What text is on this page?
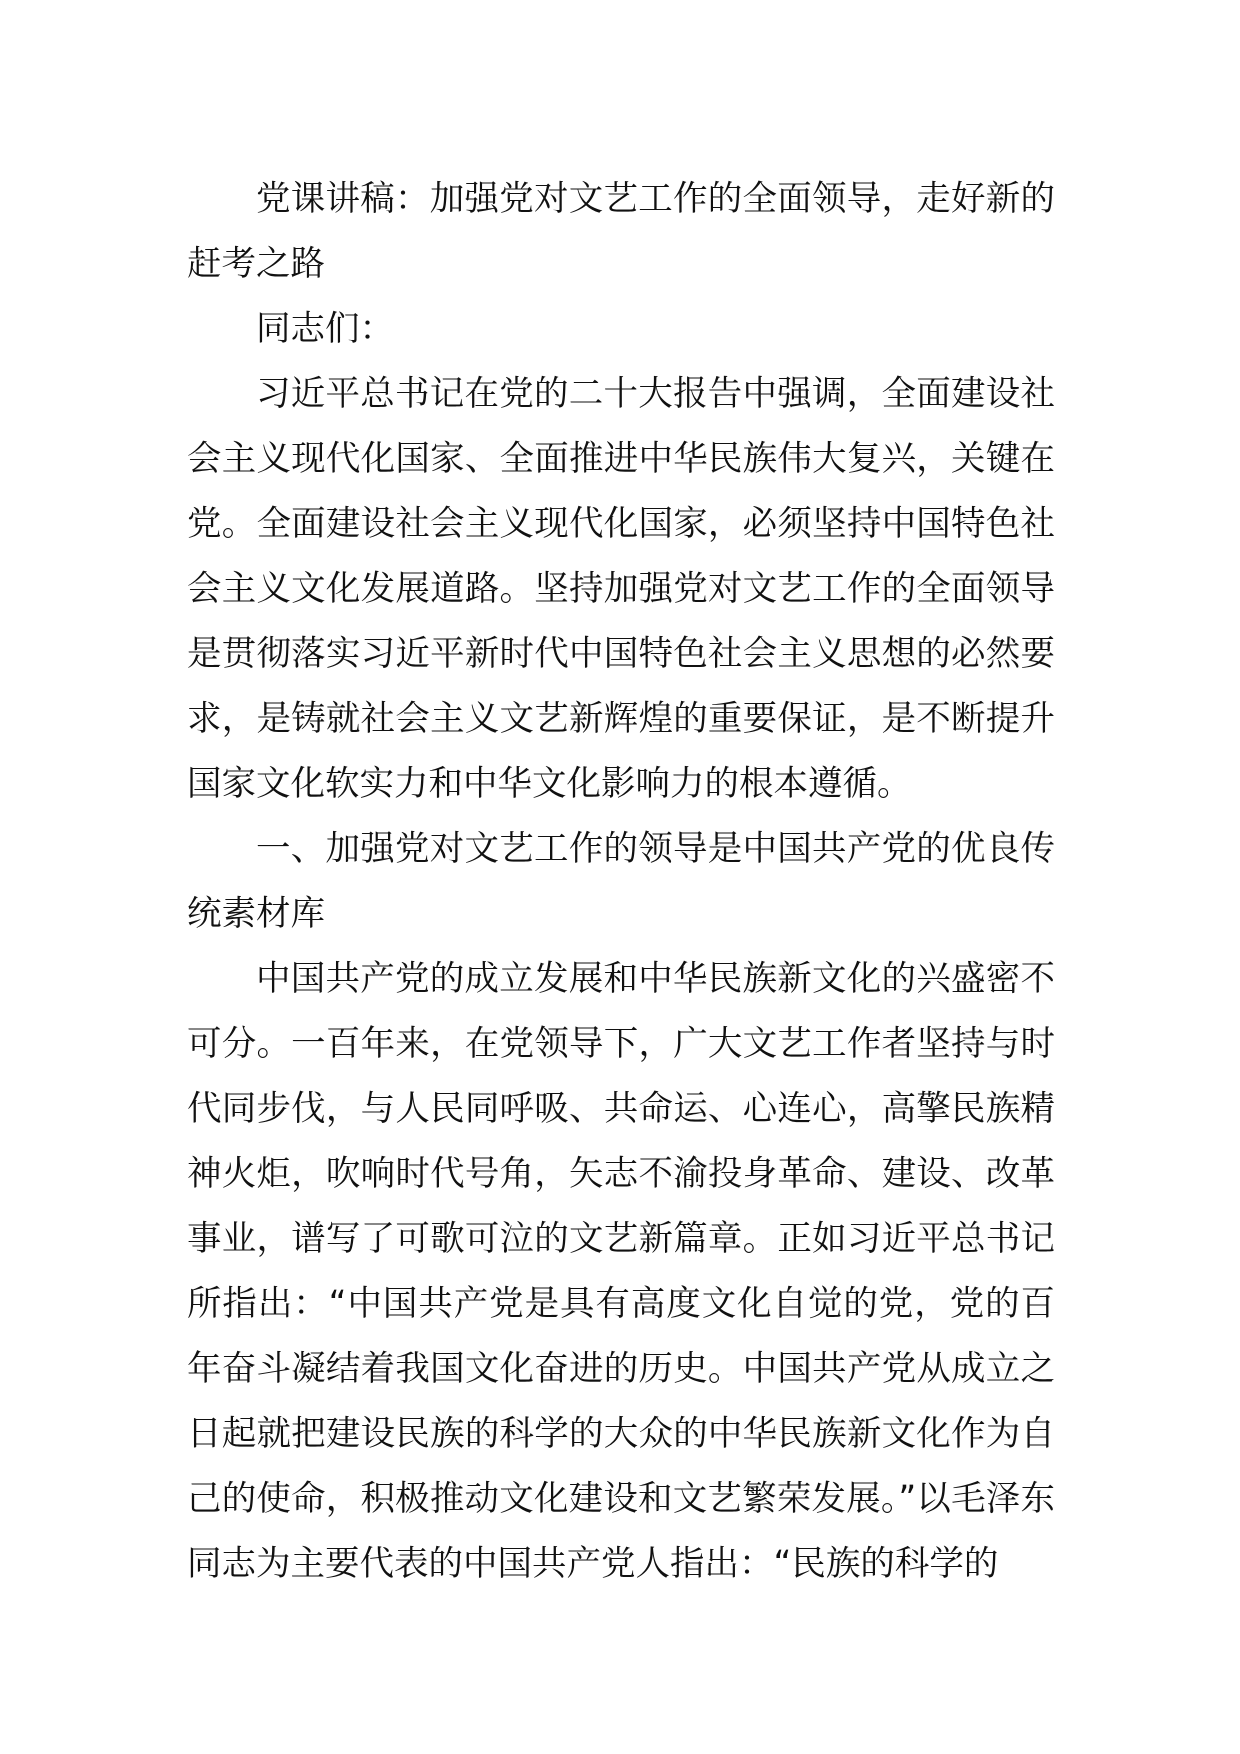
党课讲稿：加强党对文艺工作的全面领导，走好新的赶考之路

同志们：

习近平总书记在党的二十大报告中强调，全面建设社会主义现代化国家、全面推进中华民族伟大复兴，关键在党。全面建设社会主义现代化国家，必须坚持中国特色社会主义文化发展道路。坚持加强党对文艺工作的全面领导是贯彻落实习近平新时代中国特色社会主义思想的必然要求，是铸就社会主义文艺新辉煌的重要保证，是不断提升国家文化软实力和中华文化影响力的根本遵循。

一、加强党对文艺工作的领导是中国共产党的优良传统素材库

中国共产党的成立发展和中华民族新文化的兴盛密不可分。一百年来，在党领导下，广大文艺工作者坚持与时代同步伐，与人民同呼吸、共命运、心连心，高擎民族精神火炬，吹响时代号角，矢志不渝投身革命、建设、改革事业，谱写了可歌可泣的文艺新篇章。正如习近平总书记所指出：“中国共产党是具有高度文化自觉的党，党的百年奋斗凝结着我国文化奋进的历史。中国共产党从成立之日起就把建设民族的科学的大众的中华民族新文化作为自己的使命，积极推动文化建设和文艺繁荣发展。”以毛泽东同志为主要代表的中国共产党人指出：“民族的科学的
